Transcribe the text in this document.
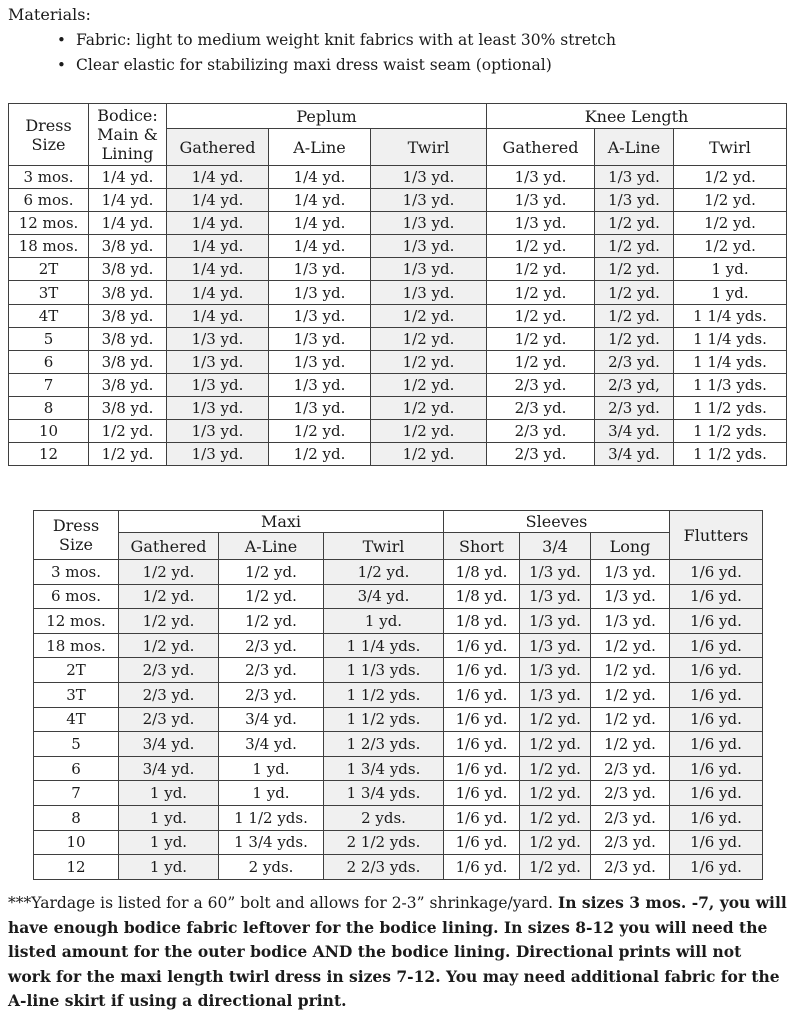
Materials:
• Fabric: light to medium weight knit fabrics with at least 30% stretch
• Clear elastic for stabilizing maxi dress waist seam (optional)
Dress Size	Bodice: Main & Lining	Peplum			Knee Length		
		Gathered	A-Line	Twirl	Gathered	A-Line	Twirl
3 mos.	1/4 yd.	1/4 yd.	1/4 yd.	1/3 yd.	1/3 yd.	1/3 yd.	1/2 yd.
6 mos.	1/4 yd.	1/4 yd.	1/4 yd.	1/3 yd.	1/3 yd.	1/3 yd.	1/2 yd.
12 mos.	1/4 yd.	1/4 yd.	1/4 yd.	1/3 yd.	1/3 yd.	1/2 yd.	1/2 yd.
18 mos.	3/8 yd.	1/4 yd.	1/4 yd.	1/3 yd.	1/2 yd.	1/2 yd.	1/2 yd.
2T	3/8 yd.	1/4 yd.	1/3 yd.	1/3 yd.	1/2 yd.	1/2 yd.	1 yd.
3T	3/8 yd.	1/4 yd.	1/3 yd.	1/3 yd.	1/2 yd.	1/2 yd.	1 yd.
4T	3/8 yd.	1/4 yd.	1/3 yd.	1/2 yd.	1/2 yd.	1/2 yd.	1 1/4 yds.
5	3/8 yd.	1/3 yd.	1/3 yd.	1/2 yd.	1/2 yd.	1/2 yd.	1 1/4 yds.
6	3/8 yd.	1/3 yd.	1/3 yd.	1/2 yd.	1/2 yd.	2/3 yd.	1 1/4 yds.
7	3/8 yd.	1/3 yd.	1/3 yd.	1/2 yd.	2/3 yd.	2/3 yd,	1 1/3 yds.
8	3/8 yd.	1/3 yd.	1/3 yd.	1/2 yd.	2/3 yd.	2/3 yd.	1 1/2 yds.
10	1/2 yd.	1/3 yd.	1/2 yd.	1/2 yd.	2/3 yd.	3/4 yd.	1 1/2 yds.
12	1/2 yd.	1/3 yd.	1/2 yd.	1/2 yd.	2/3 yd.	3/4 yd.	1 1/2 yds.
Dress Size	Maxi			Sleeves			Flutters
	Gathered	A-Line	Twirl	Short	3/4	Long	
3 mos.	1/2 yd.	1/2 yd.	1/2 yd.	1/8 yd.	1/3 yd.	1/3 yd.	1/6 yd.
6 mos.	1/2 yd.	1/2 yd.	3/4 yd.	1/8 yd.	1/3 yd.	1/3 yd.	1/6 yd.
12 mos.	1/2 yd.	1/2 yd.	1 yd.	1/8 yd.	1/3 yd.	1/3 yd.	1/6 yd.
18 mos.	1/2 yd.	2/3 yd.	1 1/4 yds.	1/6 yd.	1/3 yd.	1/2 yd.	1/6 yd.
2T	2/3 yd.	2/3 yd.	1 1/3 yds.	1/6 yd.	1/3 yd.	1/2 yd.	1/6 yd.
3T	2/3 yd.	2/3 yd.	1 1/2 yds.	1/6 yd.	1/3 yd.	1/2 yd.	1/6 yd.
4T	2/3 yd.	3/4 yd.	1 1/2 yds.	1/6 yd.	1/2 yd.	1/2 yd.	1/6 yd.
5	3/4 yd.	3/4 yd.	1 2/3 yds.	1/6 yd.	1/2 yd.	1/2 yd.	1/6 yd.
6	3/4 yd.	1 yd.	1 3/4 yds.	1/6 yd.	1/2 yd.	2/3 yd.	1/6 yd.
7	1 yd.	1 yd.	1 3/4 yds.	1/6 yd.	1/2 yd.	2/3 yd.	1/6 yd.
8	1 yd.	1 1/2 yds.	2 yds.	1/6 yd.	1/2 yd.	2/3 yd.	1/6 yd.
10	1 yd.	1 3/4 yds.	2 1/2 yds.	1/6 yd.	1/2 yd.	2/3 yd.	1/6 yd.
12	1 yd.	2 yds.	2 2/3 yds.	1/6 yd.	1/2 yd.	2/3 yd.	1/6 yd.

***Yardage is listed for a 60” bolt and allows for 2-3” shrinkage/yard. In sizes 3 mos. -7, you will have enough bodice fabric leftover for the bodice lining. In sizes 8-12 you will need the listed amount for the outer bodice AND the bodice lining. Directional prints will not work for the maxi length twirl dress in sizes 7-12. You may need additional fabric for the A-line skirt if using a directional print.
